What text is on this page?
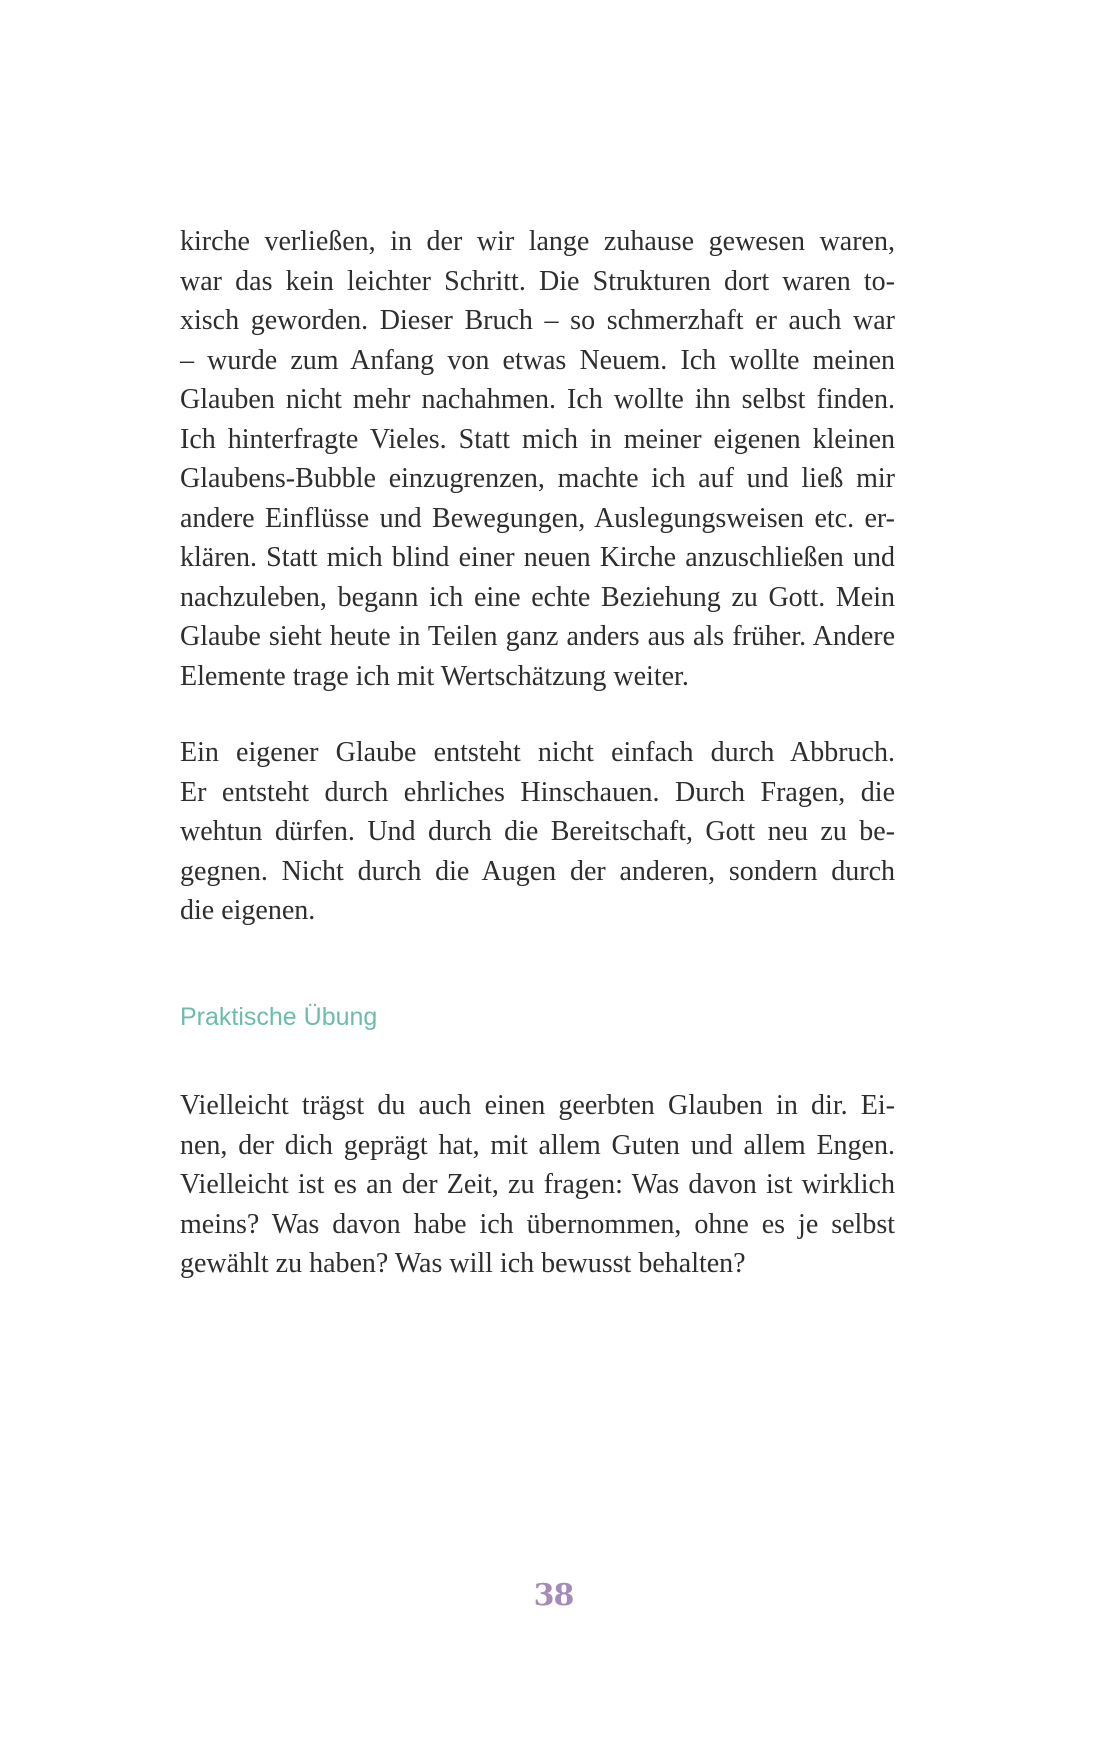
kirche verließen, in der wir lange zuhause gewesen waren,
war das kein leichter Schritt. Die Strukturen dort waren to-
xisch geworden. Dieser Bruch – so schmerzhaft er auch war
– wurde zum Anfang von etwas Neuem. Ich wollte meinen
Glauben nicht mehr nachahmen. Ich wollte ihn selbst finden.
Ich hinterfragte Vieles. Statt mich in meiner eigenen kleinen
Glaubens-Bubble einzugrenzen, machte ich auf und ließ mir
andere Einflüsse und Bewegungen, Auslegungsweisen etc. er-
klären. Statt mich blind einer neuen Kirche anzuschließen und
nachzuleben, begann ich eine echte Beziehung zu Gott. Mein
Glaube sieht heute in Teilen ganz anders aus als früher. Andere
Elemente trage ich mit Wertschätzung weiter.
Ein eigener Glaube entsteht nicht einfach durch Abbruch.
Er entsteht durch ehrliches Hinschauen. Durch Fragen, die
wehtun dürfen. Und durch die Bereitschaft, Gott neu zu be-
gegnen. Nicht durch die Augen der anderen, sondern durch
die eigenen.
Praktische Übung
Vielleicht trägst du auch einen geerbten Glauben in dir. Ei-
nen, der dich geprägt hat, mit allem Guten und allem Engen.
Vielleicht ist es an der Zeit, zu fragen: Was davon ist wirklich
meins? Was davon habe ich übernommen, ohne es je selbst
gewählt zu haben? Was will ich bewusst behalten?
38
